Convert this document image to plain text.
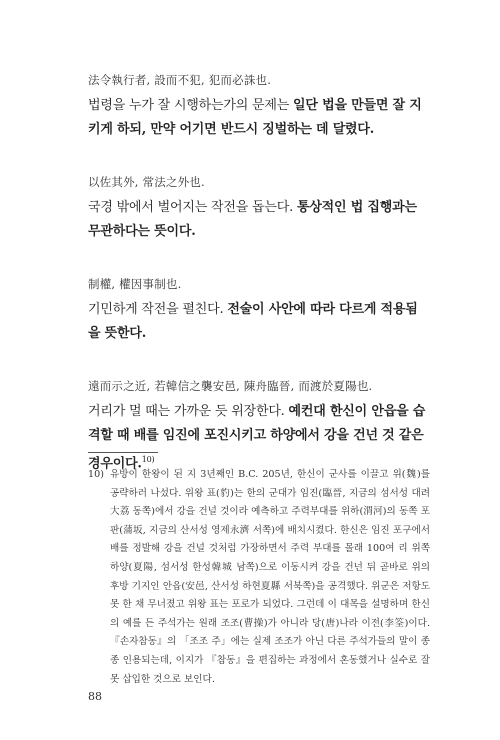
法令執行者, 設而不犯, 犯而必誅也.

법령을 누가 잘 시행하는가의 문제는 일단 법을 만들면 잘 지키게 하되, 만약 어기면 반드시 징벌하는 데 달렸다.

以佐其外, 常法之外也.

국경 밖에서 벌어지는 작전을 돕는다. 통상적인 법 집행과는 무관하다는 뜻이다.

制權, 權因事制也.

기민하게 작전을 펼친다. 전술이 사안에 따라 다르게 적용됨을 뜻한다.

遠而示之近, 若韓信之襲安邑, 陳舟臨晉, 而渡於夏陽也.

거리가 멀 때는 가까운 듯 위장한다. 예컨대 한신이 안읍을 습격할 때 배를 임진에 포진시키고 하양에서 강을 건넌 것 같은 경우이다.$^{10)}$

10) 유방이 한왕이 된 지 3년째인 B.C. 205년, 한신이 군사를 이끌고 위(魏)를 공략하러 나섰다. 위왕 표(豹)는 한의 군대가 임진(臨晉, 지금의 섬서성 대려大荔 동쪽)에서 강을 건널 것이라 예측하고 주력부대를 위하(渭河)의 동쪽 포판(蒲坂, 지금의 산서성 영제永濟 서쪽)에 배치시켰다. 한신은 임진 포구에서 배를 정발해 강을 건널 것처럼 가장하면서 주력 부대를 몰래 100여 리 위쪽 하양(夏陽, 섬서성 한성韓城 남쪽)으로 이동시켜 강을 건넌 뒤 곧바로 위의 후방 기지인 안읍(安邑, 산서성 하현夏縣 서북쪽)을 공격했다. 위군은 저항도 못 한 채 무너졌고 위왕 표는 포로가 되었다. 그런데 이 대목을 설명하며 한신의 예를 든 주석가는 원래 조조(曹操)가 아니라 당(唐)나라 이전(李筌)이다. 『손자참동』의 「조조 주」에는 실제 조조가 아닌 다른 주석가들의 말이 종종 인용되는데, 이지가 『참동』을 편집하는 과정에서 혼동했거나 실수로 잘못 삽입한 것으로 보인다.
88
